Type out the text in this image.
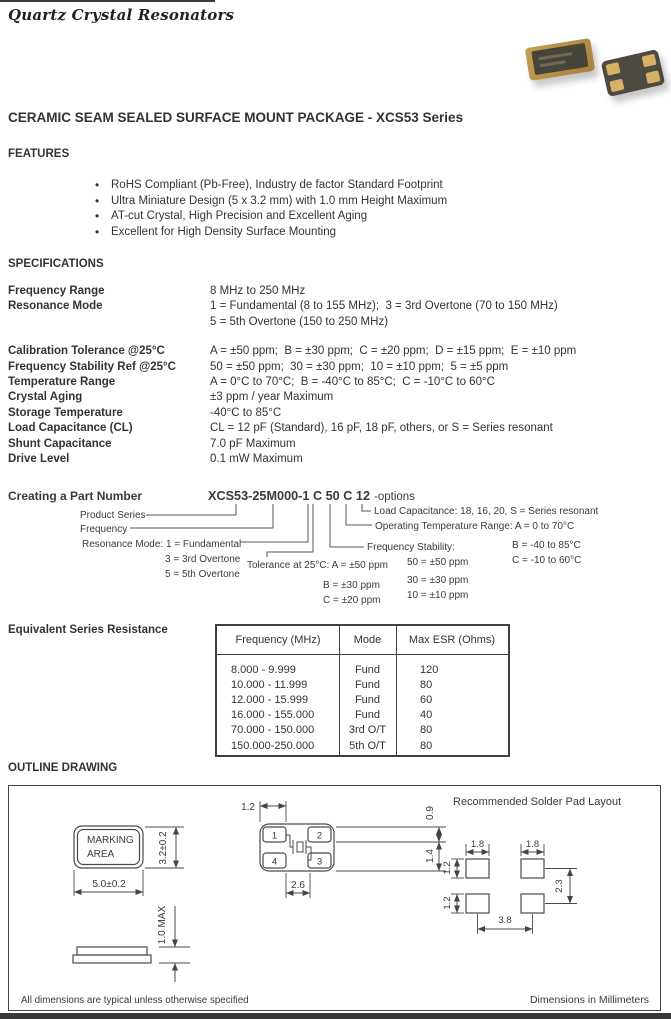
Quartz Crystal Resonators
CERAMIC SEAM SEALED SURFACE MOUNT PACKAGE - XCS53 Series
FEATURES
• RoHS Compliant (Pb-Free), Industry de factor Standard Footprint
• Ultra Miniature Design (5 x 3.2 mm) with 1.0 mm Height Maximum
• AT-cut Crystal, High Precision and Excellent Aging
• Excellent for High Density Surface Mounting
SPECIFICATIONS
Frequency Range	8 MHz to 250 MHz
Resonance Mode	1 = Fundamental (8 to 155 MHz);  3 = 3rd Overtone (70 to 150 MHz)
5 = 5th Overtone (150 to 250 MHz)
Calibration Tolerance @25°C	A = ±50 ppm;  B = ±30 ppm;  C = ±20 ppm;  D = ±15 ppm;  E = ±10 ppm
Frequency Stability Ref @25°C	50 = ±50 ppm;  30 = ±30 ppm;  10 = ±10 ppm;  5 = ±5 ppm
Temperature Range	A = 0°C to 70°C;  B = -40°C to 85°C;  C = -10°C to 60°C
Crystal Aging	±3 ppm / year Maximum
Storage Temperature	-40°C to 85°C
Load Capacitance (CL)	CL = 12 pF (Standard), 16 pF, 18 pF, others, or S = Series resonant
Shunt Capacitance	7.0 pF Maximum
Drive Level	0.1 mW Maximum
Creating a Part Number	XCS53-25M000-1 C 50 C 12 -options
Product Series
Frequency
Resonance Mode: 1 = Fundamental
3 = 3rd Overtone
5 = 5th Overtone
Tolerance at 25°C: A = ±50 ppm
B = ±30 ppm
C = ±20 ppm
Frequency Stability:
50 = ±50 ppm
30 = ±30 ppm
10 = ±10 ppm
Load Capacitance: 18, 16, 20, S = Series resonant
Operating Temperature Range: A = 0 to 70°C
B = -40 to 85°C
C = -10 to 60°C
Equivalent Series Resistance
Frequency (MHz)	Mode	Max ESR (Ohms)
8.000 - 9.999	Fund	120
10.000 - 11.999	Fund	80
12.000 - 15.999	Fund	60
16.000 - 155.000	Fund	40
70.000 - 150.000	3rd O/T	80
150.000-250.000	5th O/T	80
OUTLINE DRAWING
MARKING
AREA	3.2±0.2
5.0±0.2
1.0 MAX
1	2
3
4
1.2
2.6
0.9
1.4
Recommended Solder Pad Layout
1.8	1.8
1.2
1.2
2.3
3.8
All dimensions are typical unless otherwise specified	Dimensions in Millimeters
